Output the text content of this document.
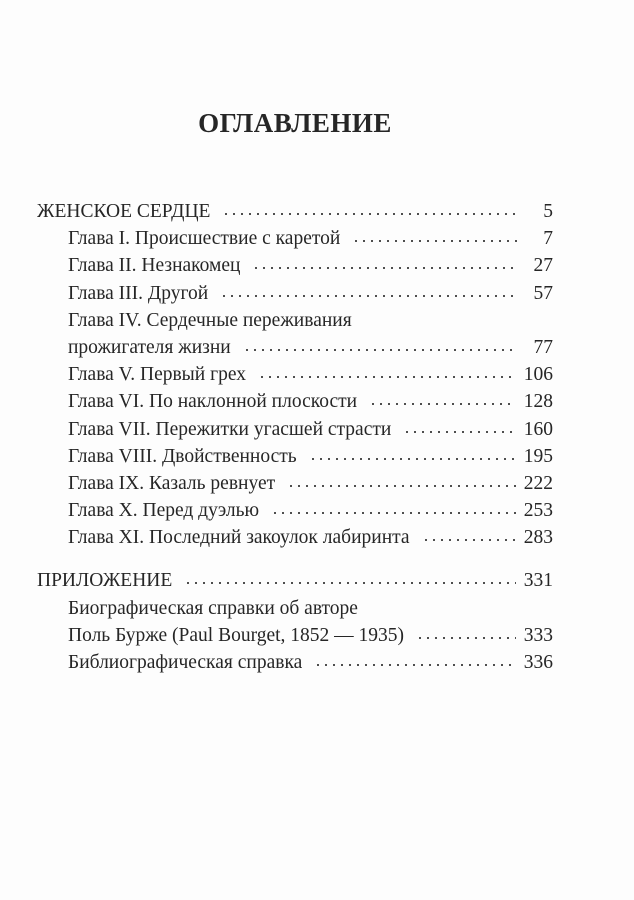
ОГЛАВЛЕНИЕ
ЖЕНСКОЕ СЕРДЦЕ	5
Глава I. Происшествие с каретой	7
Глава II. Незнакомец	27
Глава III. Другой	57
Глава IV. Сердечные переживания
прожигателя жизни	77
Глава V. Первый грех	106
Глава VI. По наклонной плоскости	128
Глава VII. Пережитки угасшей страсти	160
Глава VIII. Двойственность	195
Глава IX. Казаль ревнует	222
Глава X. Перед дуэлью	253
Глава XI. Последний закоулок лабиринта	283
ПРИЛОЖЕНИЕ	331
Биографическая справки об авторе
Поль Бурже (Paul Bourget, 1852 — 1935)	333
Библиографическая справка	336
